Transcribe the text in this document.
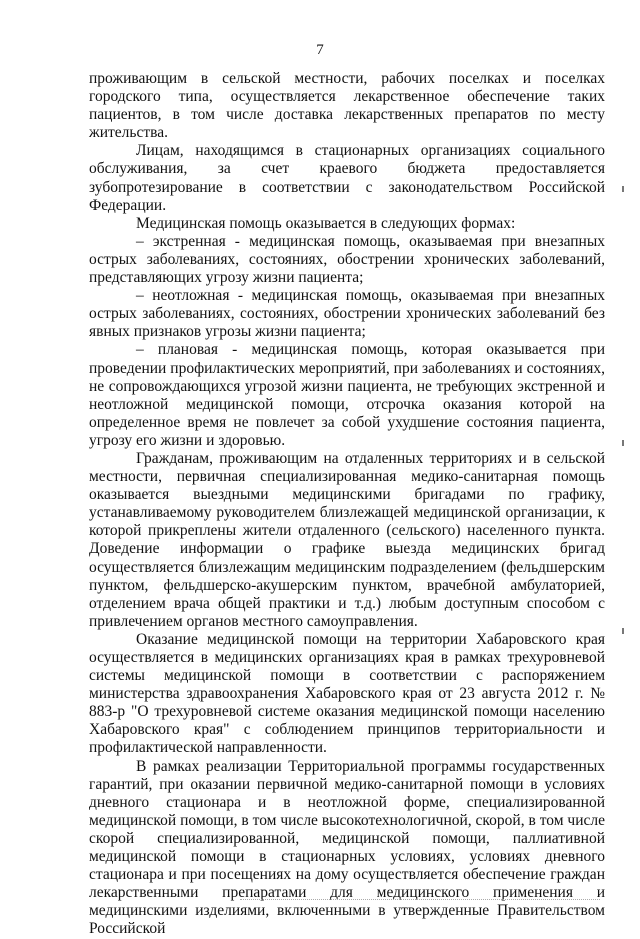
7

проживающим в сельской местности, рабочих поселках и поселках городского типа, осуществляется лекарственное обеспечение таких пациентов, в том числе доставка лекарственных препаратов по месту жительства.

Лицам, находящимся в стационарных организациях социального обслуживания, за счет краевого бюджета предоставляется зубопротезирование в соответствии с законодательством Российской Федерации.

Медицинская помощь оказывается в следующих формах:

– экстренная - медицинская помощь, оказываемая при внезапных острых заболеваниях, состояниях, обострении хронических заболеваний, представляющих угрозу жизни пациента;

– неотложная - медицинская помощь, оказываемая при внезапных острых заболеваниях, состояниях, обострении хронических заболеваний без явных признаков угрозы жизни пациента;

– плановая - медицинская помощь, которая оказывается при проведении профилактических мероприятий, при заболеваниях и состояниях, не сопровождающихся угрозой жизни пациента, не требующих экстренной и неотложной медицинской помощи, отсрочка оказания которой на определенное время не повлечет за собой ухудшение состояния пациента, угрозу его жизни и здоровью.

Гражданам, проживающим на отдаленных территориях и в сельской местности, первичная специализированная медико-санитарная помощь оказывается выездными медицинскими бригадами по графику, устанавливаемому руководителем близлежащей медицинской организации, к которой прикреплены жители отдаленного (сельского) населенного пункта. Доведение информации о графике выезда медицинских бригад осуществляется близлежащим медицинским подразделением (фельдшерским пунктом, фельдшерско-акушерским пунктом, врачебной амбулаторией, отделением врача общей практики и т.д.) любым доступным способом с привлечением органов местного самоуправления.

Оказание медицинской помощи на территории Хабаровского края осуществляется в медицинских организациях края в рамках трехуровневой системы медицинской помощи в соответствии с распоряжением министерства здравоохранения Хабаровского края от 23 августа 2012 г. № 883-р "О трехуровневой системе оказания медицинской помощи населению Хабаровского края" с соблюдением принципов территориальности и профилактической направленности.

В рамках реализации Территориальной программы государственных гарантий, при оказании первичной медико-санитарной помощи в условиях дневного стационара и в неотложной форме, специализированной медицинской помощи, в том числе высокотехнологичной, скорой, в том числе скорой специализированной, медицинской помощи, паллиативной медицинской помощи в стационарных условиях, условиях дневного стационара и при посещениях на дому осуществляется обеспечение граждан лекарственными препаратами для медицинского применения и медицинскими изделиями, включенными в утвержденные Правительством Российской
